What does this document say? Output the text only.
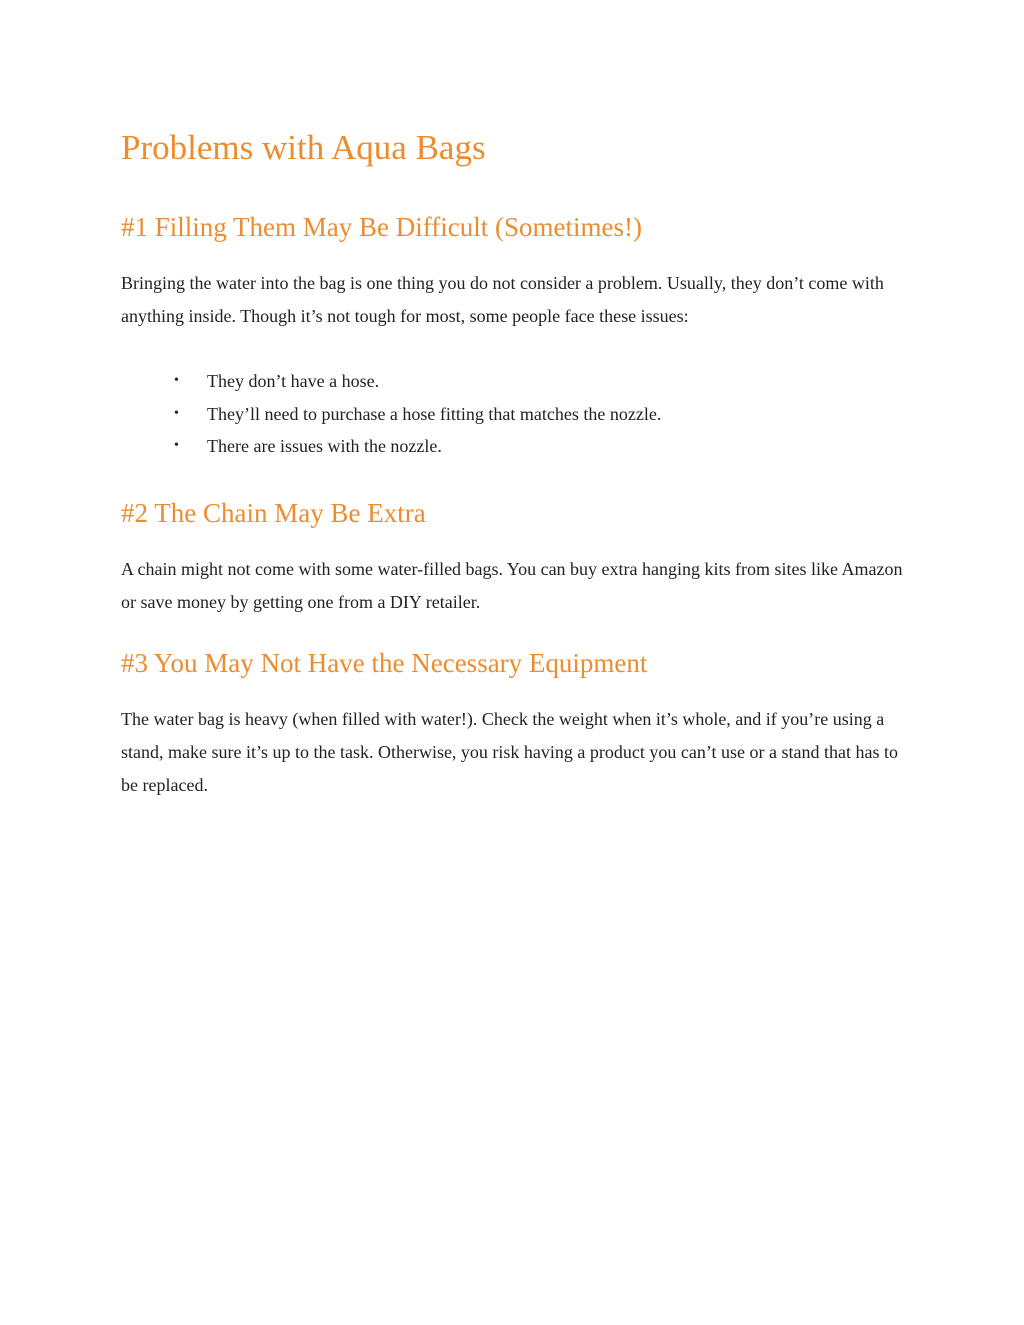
Problems with Aqua Bags
#1 Filling Them May Be Difficult (Sometimes!)

Bringing the water into the bag is one thing you do not consider a problem. Usually, they don’t come with anything inside. Though it’s not tough for most, some people face these issues:

• They don’t have a hose.
• They’ll need to purchase a hose fitting that matches the nozzle.
• There are issues with the nozzle.
#2 The Chain May Be Extra

A chain might not come with some water-filled bags. You can buy extra hanging kits from sites like Amazon or save money by getting one from a DIY retailer.

#3 You May Not Have the Necessary Equipment

The water bag is heavy (when filled with water!). Check the weight when it’s whole, and if you’re using a stand, make sure it’s up to the task. Otherwise, you risk having a product you can’t use or a stand that has to be replaced.
